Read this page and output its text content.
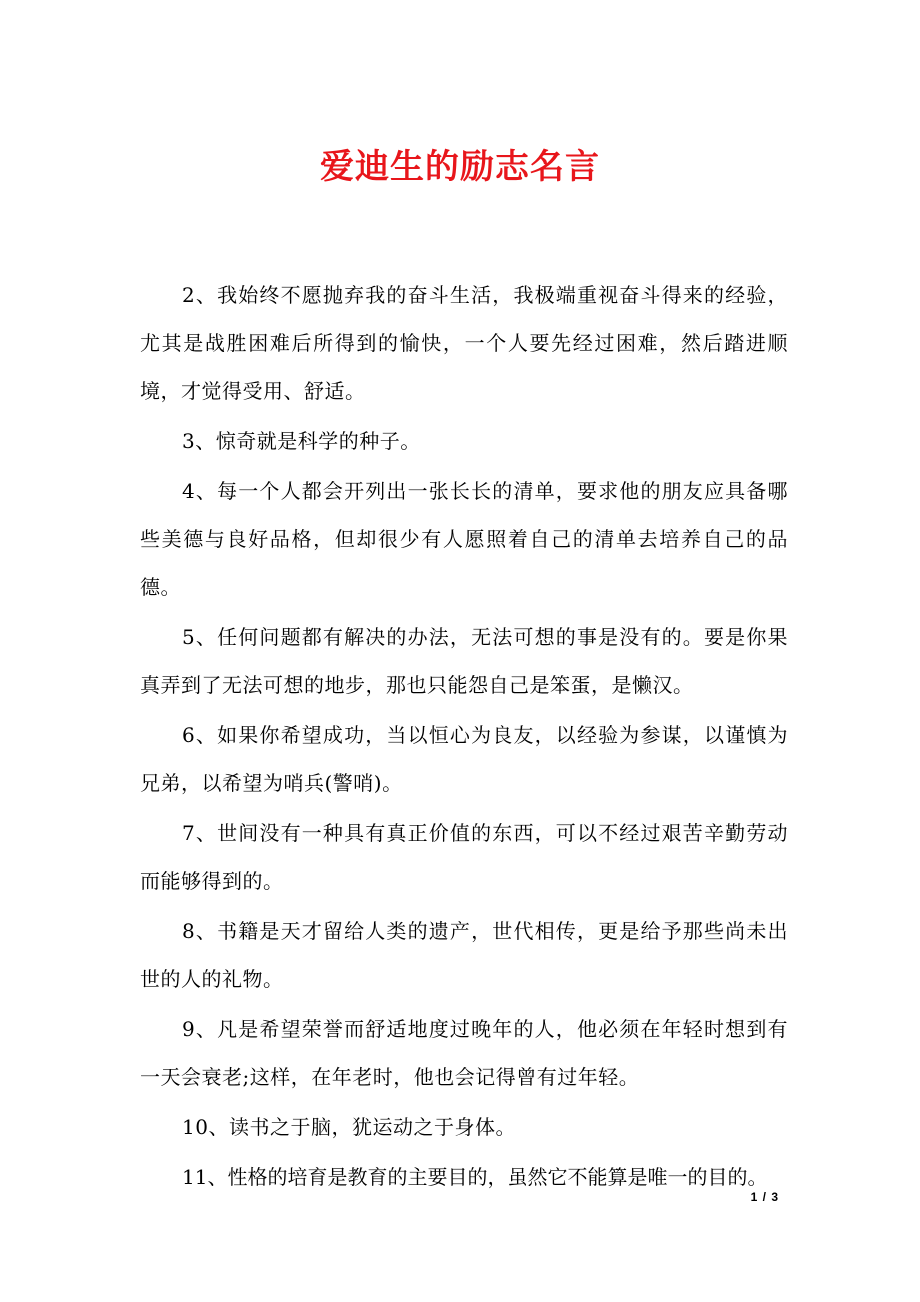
爱迪生的励志名言

2、我始终不愿抛弃我的奋斗生活，我极端重视奋斗得来的经验，尤其是战胜困难后所得到的愉快，一个人要先经过困难，然后踏进顺境，才觉得受用、舒适。

3、惊奇就是科学的种子。

4、每一个人都会开列出一张长长的清单，要求他的朋友应具备哪些美德与良好品格，但却很少有人愿照着自己的清单去培养自己的品德。

5、任何问题都有解决的办法，无法可想的事是没有的。要是你果真弄到了无法可想的地步，那也只能怨自己是笨蛋，是懒汉。

6、如果你希望成功，当以恒心为良友，以经验为参谋，以谨慎为兄弟，以希望为哨兵(警哨)。

7、世间没有一种具有真正价值的东西，可以不经过艰苦辛勤劳动而能够得到的。

8、书籍是天才留给人类的遗产，世代相传，更是给予那些尚未出世的人的礼物。

9、凡是希望荣誉而舒适地度过晚年的人，他必须在年轻时想到有一天会衰老;这样，在年老时，他也会记得曾有过年轻。

10、读书之于脑，犹运动之于身体。

11、性格的培育是教育的主要目的，虽然它不能算是唯一的目的。

1 / 3
